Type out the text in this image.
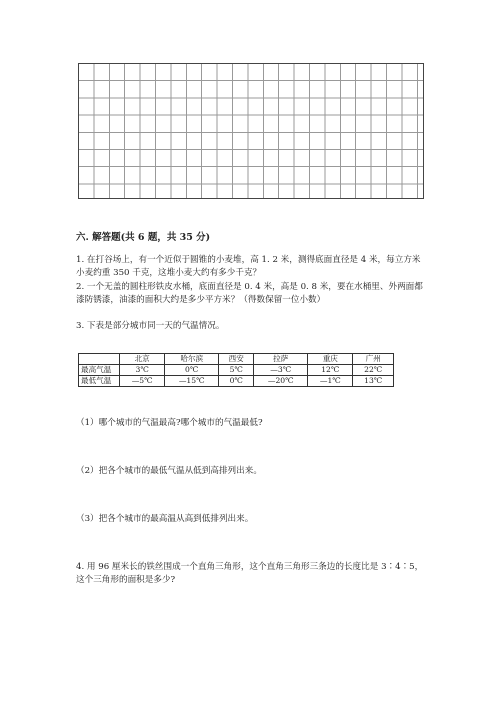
六. 解答题(共 6 题，共 35 分)
1. 在打谷场上，有一个近似于圆锥的小麦堆，高 1. 2 米，测得底面直径是 4 米，每立方米小麦约重 350 千克，这堆小麦大约有多少千克？
2. 一个无盖的圆柱形铁皮水桶，底面直径是 0. 4 米，高是 0. 8 米，要在水桶里、外两面都漆防锈漆，油漆的面积大约是多少平方米？（得数保留一位小数）
3. 下表是部分城市同一天的气温情况。
	北京	哈尔滨	西安	拉萨	重庆	广州
最高气温	3℃	0℃	5℃	—3℃	12℃	22℃
最低气温	—5℃	—15℃	0℃	—20℃	—1℃	13℃
（1）哪个城市的气温最高?哪个城市的气温最低?
（2）把各个城市的最低气温从低到高排列出来。
（3）把各个城市的最高温从高到低排列出来。
4. 用 96 厘米长的铁丝围成一个直角三角形，这个直角三角形三条边的长度比是 3∶4∶5，这个三角形的面积是多少?
